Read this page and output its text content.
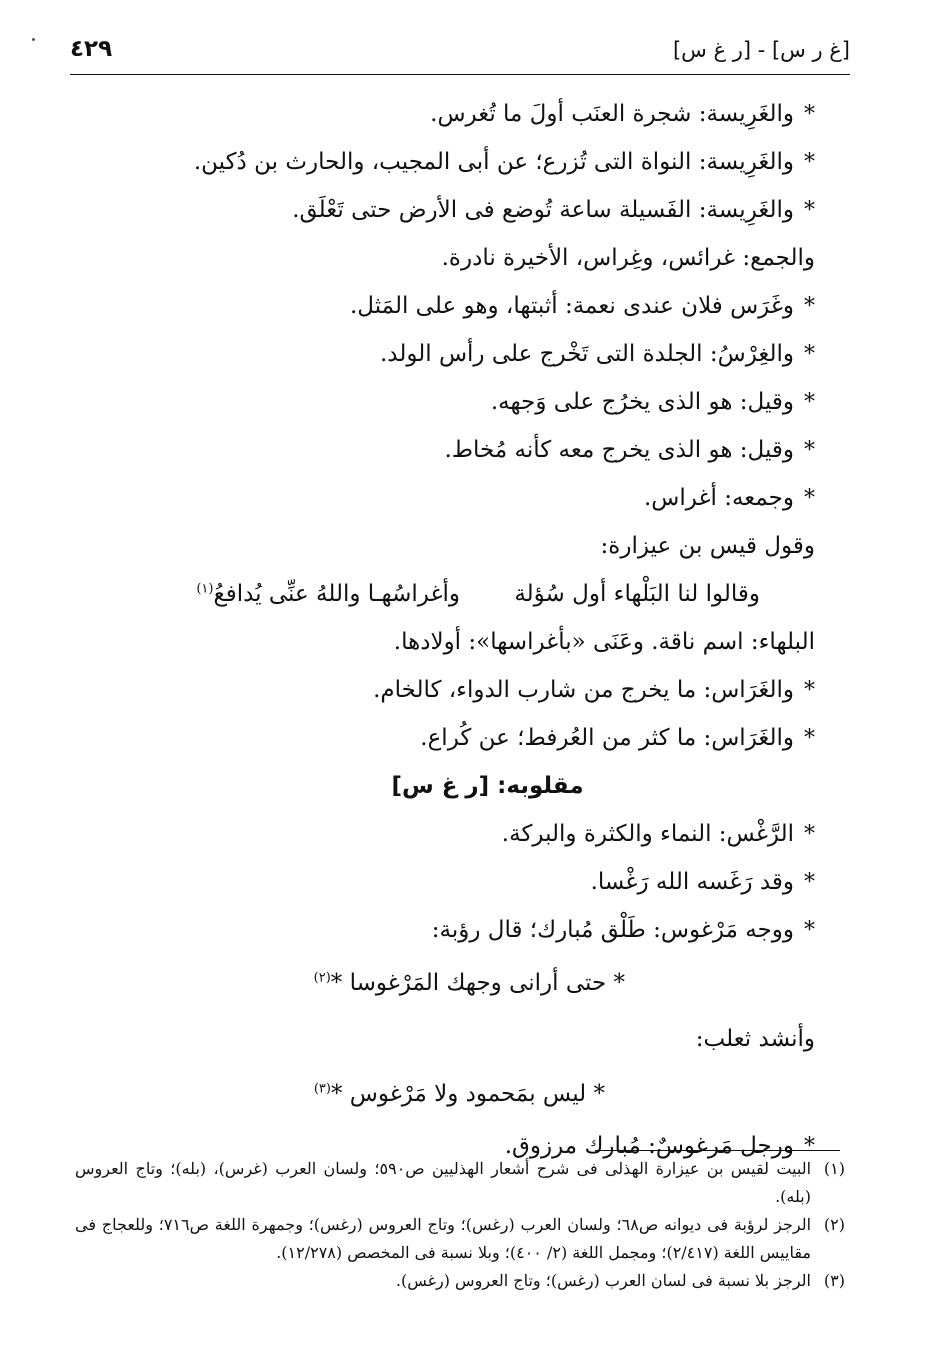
[غ ر س] - [ر غ س]
٤٢٩
*والغَرِيسة: شجرة العنَب أولَ ما تُغرس.
*والغَرِيسة: النواة التى تُزرع؛ عن أبى المجيب، والحارث بن دُكين.
*والغَرِيسة: الفَسيلة ساعة تُوضع فى الأرض حتى تَعْلَق.
والجمع: غرائس، وغِراس، الأخيرة نادرة.
*وغَرَس فلان عندى نعمة: أثبتها، وهو على المَثل.
*والغِرْسُ: الجلدة التى تَخْرج على رأس الولد.
*وقيل: هو الذى يخرُج على وَجهه.
*وقيل: هو الذى يخرج معه كأنه مُخاط.
*وجمعه: أغراس.
وقول قيس بن عيزارة:
وقالوا لنا البَلْهاء أول سُؤلة
وأغراسُهـا واللهُ عنِّى يُدافعُ$^{(١)}$
البلهاء: اسم ناقة. وعَنَى «بأغراسها»: أولادها.
*والغَرَاس: ما يخرج من شارب الدواء، كالخام.
*والغَرَاس: ما كثر من العُرفط؛ عن كُراع.
مقلوبه: [ر غ س]
*الرَّغْس: النماء والكثرة والبركة.
*وقد رَغَسه الله رَغْسا.
*ووجه مَرْغوس: طَلْق مُبارك؛ قال رؤبة:
* حتى أرانى وجهك المَرْغوسا *$^{(٢)}$
وأنشد ثعلب:
* ليس بمَحمود ولا مَرْغوس *$^{(٣)}$
*ورجل مَرغوسٌ: مُبارك مرزوق.
(١)
البيت لقيس بن عيزارة الهذلى فى شرح أشعار الهذليين ص٥٩٠؛ ولسان العرب (غرس)، (بله)؛ وتاج العروس (بله).
(٢)
الرجز لرؤبة فى ديوانه ص٦٨؛ ولسان العرب (رغس)؛ وتاج العروس (رغس)؛ وجمهرة اللغة ص٧١٦؛ وللعجاج فى مقاييس اللغة (٢/٤١٧)؛ ومجمل اللغة (٢/ ٤٠٠)؛ وبلا نسبة فى المخصص (١٢/٢٧٨).
(٣)
الرجز بلا نسبة فى لسان العرب (رغس)؛ وتاج العروس (رغس).
